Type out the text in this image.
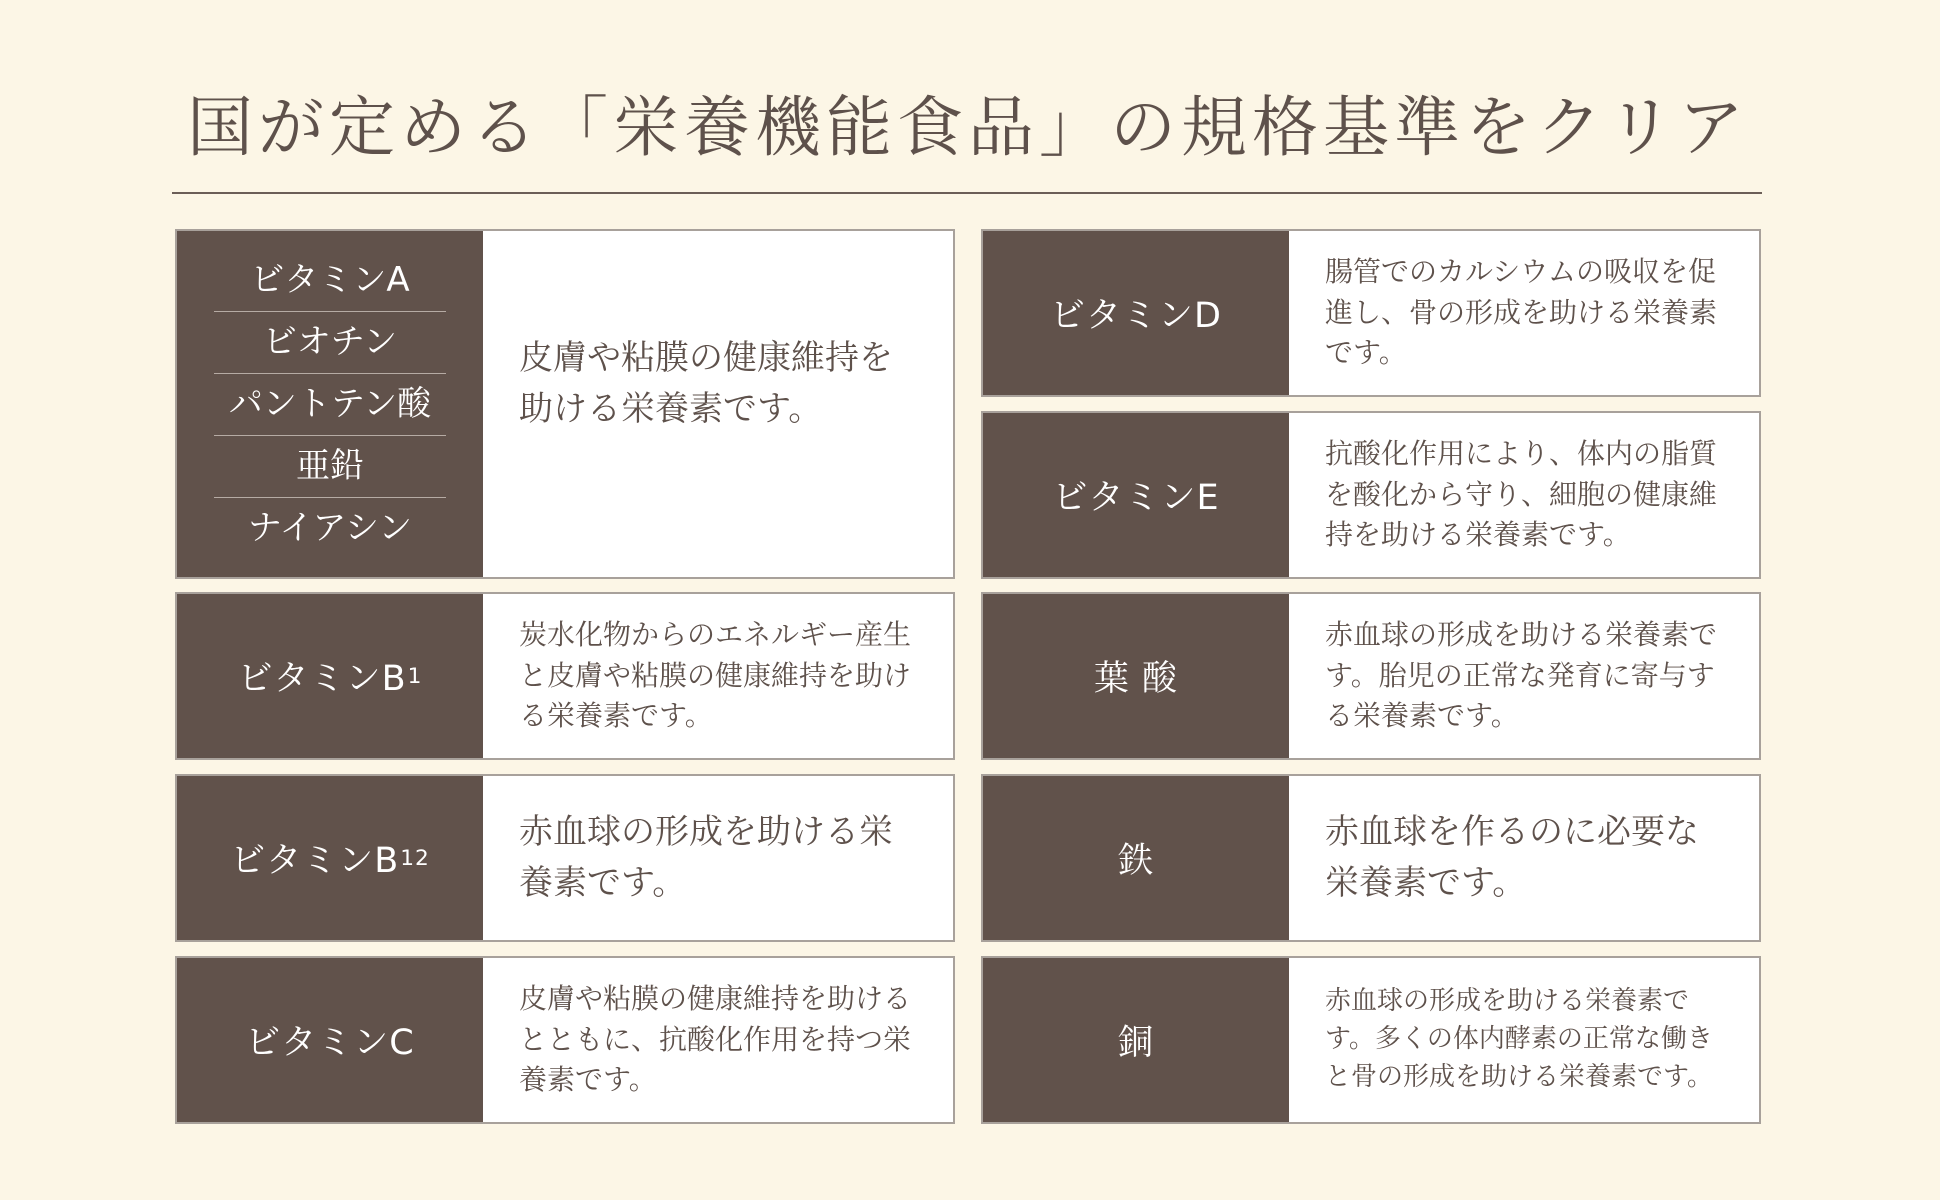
国が定める「栄養機能食品」の規格基準をクリア
ビタミンA
ビオチン
パントテン酸
亜鉛
ナイアシン
皮膚や粘膜の健康維持を助ける栄養素です。
ビタミンB 1
炭水化物からのエネルギー産生と皮膚や粘膜の健康維持を助ける栄養素です。
ビタミンB 12
赤血球の形成を助ける栄養素です。
ビタミンC
皮膚や粘膜の健康維持を助けるとともに、抗酸化作用を持つ栄養素です。
ビタミンD
腸管でのカルシウムの吸収を促進し、骨の形成を助ける栄養素です。
ビタミンE
抗酸化作用により、体内の脂質を酸化から守り、細胞の健康維持を助ける栄養素です。
葉 酸
赤血球の形成を助ける栄養素です。胎児の正常な発育に寄与する栄養素です。
鉄
赤血球を作るのに必要な栄養素です。
銅
赤血球の形成を助ける栄養素です。多くの体内酵素の正常な働きと骨の形成を助ける栄養素です。
